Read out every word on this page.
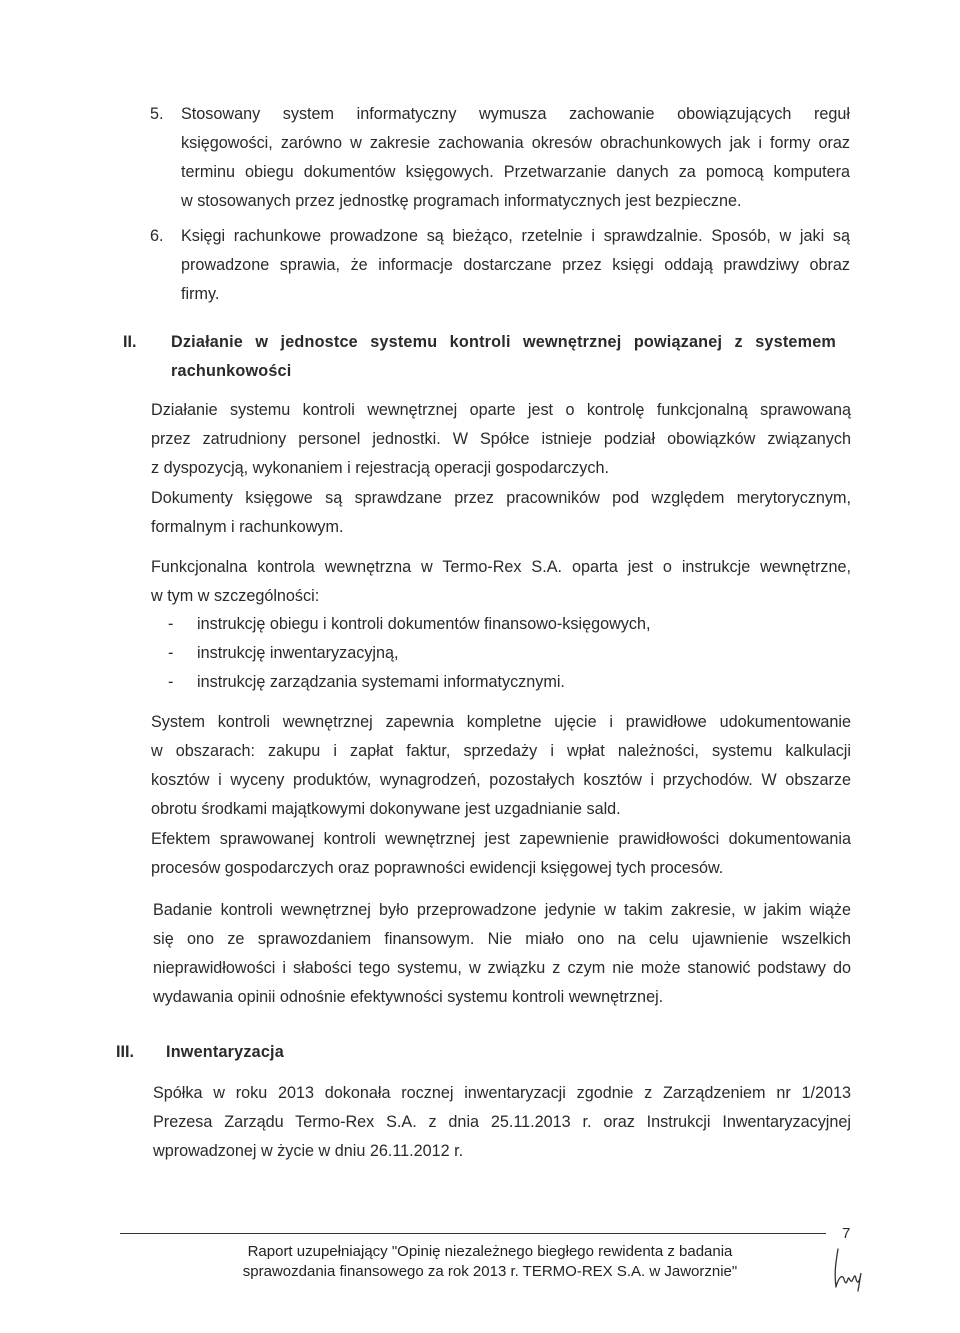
5. Stosowany system informatyczny wymusza zachowanie obowiązujących reguł
księgowości, zarówno w zakresie zachowania okresów obrachunkowych jak i formy oraz
terminu obiegu dokumentów księgowych. Przetwarzanie danych za pomocą komputera
w stosowanych przez jednostkę programach informatycznych jest bezpieczne.
6. Księgi rachunkowe prowadzone są bieżąco, rzetelnie i sprawdzalnie. Sposób, w jaki są
prowadzone sprawia, że informacje dostarczane przez księgi oddają prawdziwy obraz
firmy.
II. Działanie w jednostce systemu kontroli wewnętrznej powiązanej z systemem
rachunkowości
Działanie systemu kontroli wewnętrznej oparte jest o kontrolę funkcjonalną sprawowaną
przez zatrudniony personel jednostki. W Spółce istnieje podział obowiązków związanych
z dyspozycją, wykonaniem i rejestracją operacji gospodarczych.
Dokumenty księgowe są sprawdzane przez pracowników pod względem merytorycznym,
formalnym i rachunkowym.
Funkcjonalna kontrola wewnętrzna w Termo-Rex S.A. oparta jest o instrukcje wewnętrzne,
w tym w szczególności:
- instrukcję obiegu i kontroli dokumentów finansowo-księgowych,
- instrukcję inwentaryzacyjną,
- instrukcję zarządzania systemami informatycznymi.
System kontroli wewnętrznej zapewnia kompletne ujęcie i prawidłowe udokumentowanie
w obszarach: zakupu i zapłat faktur, sprzedaży i wpłat należności, systemu kalkulacji
kosztów i wyceny produktów, wynagrodzeń, pozostałych kosztów i przychodów. W obszarze
obrotu środkami majątkowymi dokonywane jest uzgadnianie sald.
Efektem sprawowanej kontroli wewnętrznej jest zapewnienie prawidłowości dokumentowania
procesów gospodarczych oraz poprawności ewidencji księgowej tych procesów.
Badanie kontroli wewnętrznej było przeprowadzone jedynie w takim zakresie, w jakim wiąże
się ono ze sprawozdaniem finansowym. Nie miało ono na celu ujawnienie wszelkich
nieprawidłowości i słabości tego systemu, w związku z czym nie może stanowić podstawy do
wydawania opinii odnośnie efektywności systemu kontroli wewnętrznej.
III. Inwentaryzacja
Spółka w roku 2013 dokonała rocznej inwentaryzacji zgodnie z Zarządzeniem nr 1/2013
Prezesa Zarządu Termo-Rex S.A. z dnia 25.11.2013 r. oraz Instrukcji Inwentaryzacyjnej
wprowadzonej w życie w dniu 26.11.2012 r.
7
Raport uzupełniający "Opinię niezależnego biegłego rewidenta z badania
sprawozdania finansowego za rok 2013 r. TERMO-REX S.A. w Jaworznie"
